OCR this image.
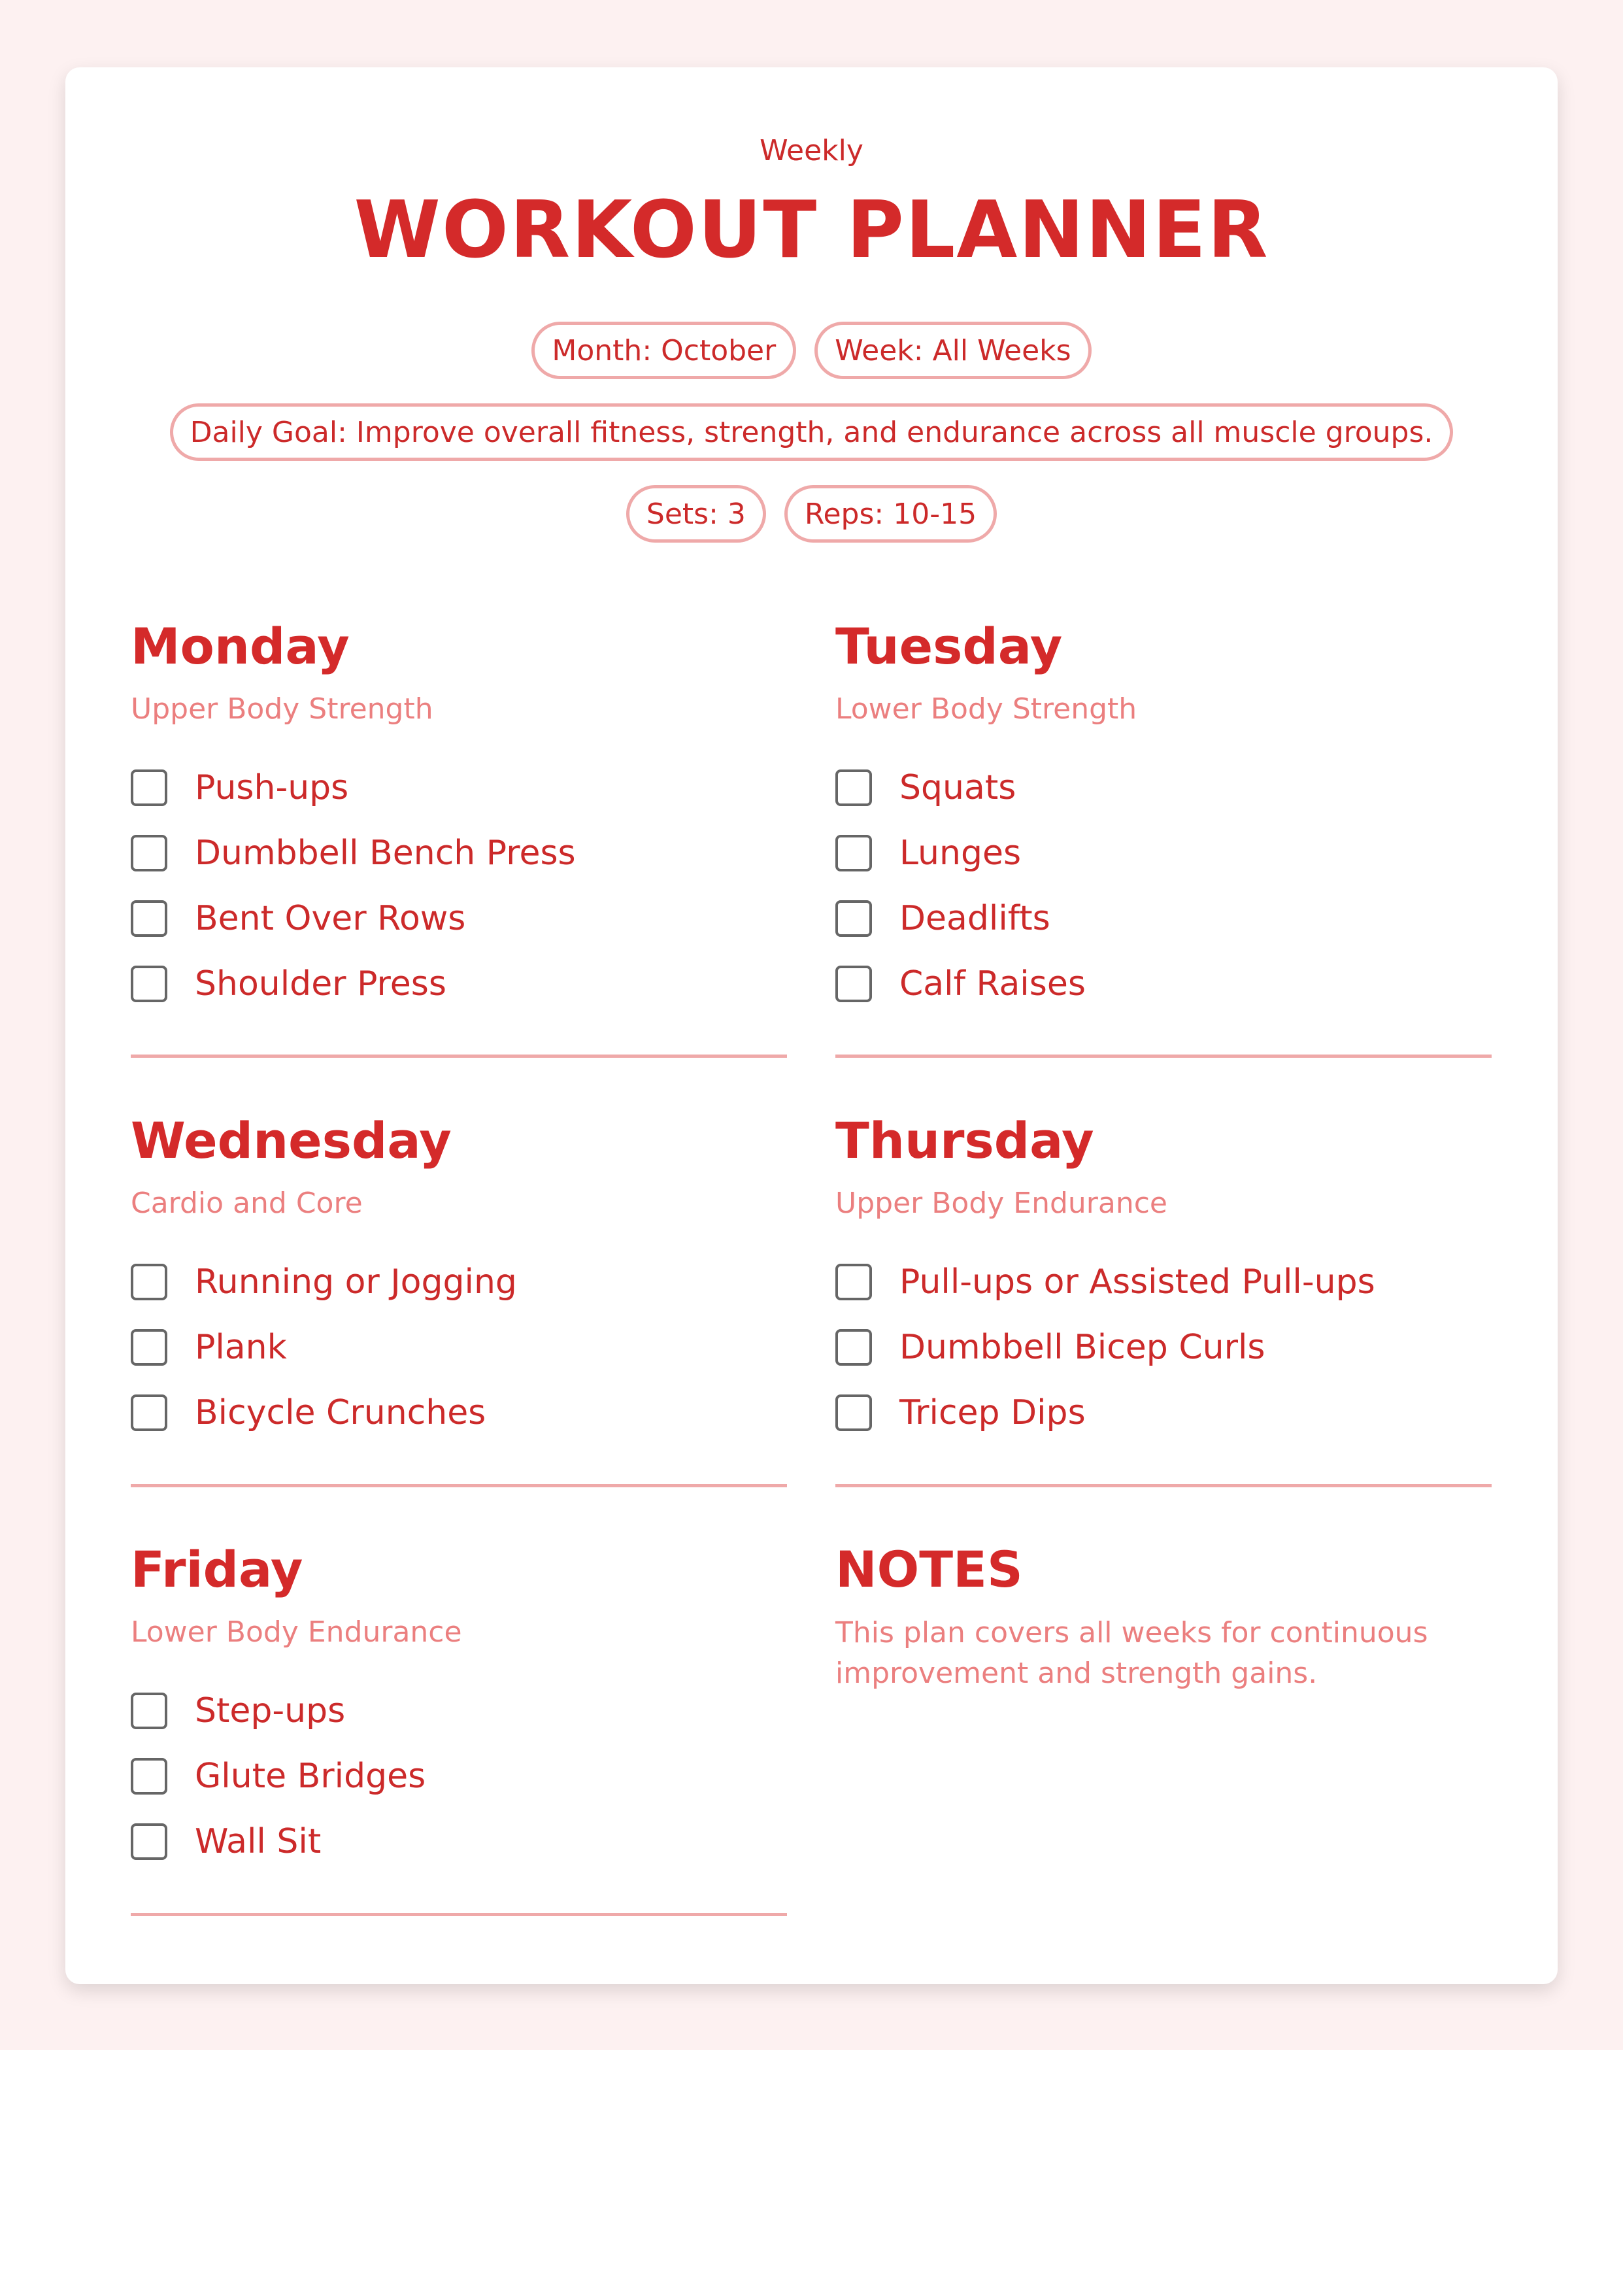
Weekly
WORKOUT PLANNER
Month: October	Week: All Weeks
Daily Goal: Improve overall fitness, strength, and endurance across all muscle groups.
Sets: 3	Reps: 10-15
Monday
Upper Body Strength
Push-ups
Dumbbell Bench Press
Bent Over Rows
Shoulder Press
Tuesday
Lower Body Strength
Squats
Lunges
Deadlifts
Calf Raises
Wednesday
Cardio and Core
Running or Jogging
Plank
Bicycle Crunches
Thursday
Upper Body Endurance
Pull-ups or Assisted Pull-ups
Dumbbell Bicep Curls
Tricep Dips
Friday
Lower Body Endurance
Step-ups
Glute Bridges
Wall Sit
NOTES
This plan covers all weeks for continuous improvement and strength gains.
